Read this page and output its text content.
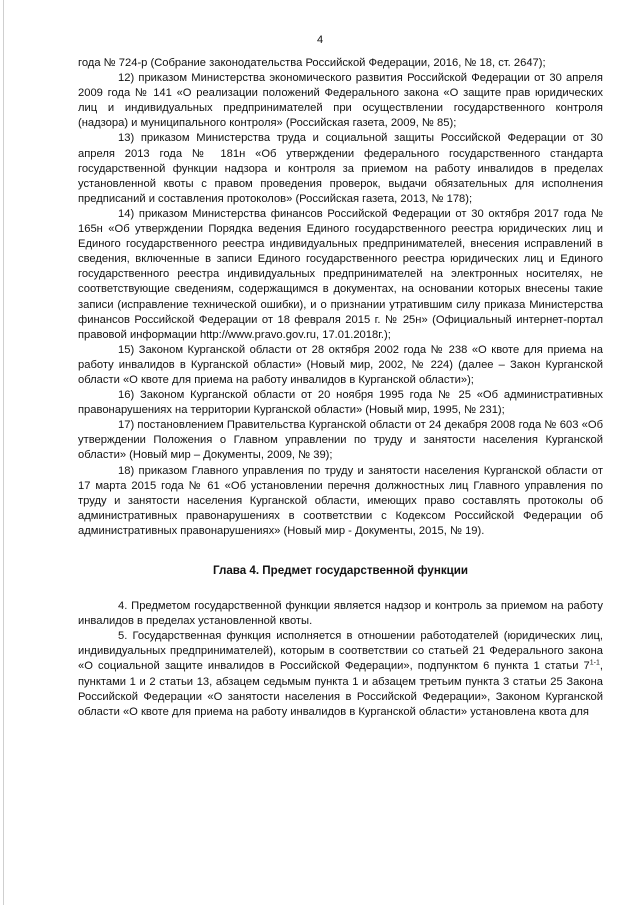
4

года № 724-р (Собрание законодательства Российской Федерации, 2016, № 18, ст. 2647);

12) приказом Министерства экономического развития Российской Федерации от 30 апреля 2009 года № 141 «О реализации положений Федерального закона «О защите прав юридических лиц и индивидуальных предпринимателей при осуществлении государственного контроля (надзора) и муниципального контроля» (Российская газета, 2009, № 85);

13) приказом Министерства труда и социальной защиты Российской Федерации от 30 апреля 2013 года № 181н «Об утверждении федерального государственного стандарта государственной функции надзора и контроля за приемом на работу инвалидов в пределах установленной квоты с правом проведения проверок, выдачи обязательных для исполнения предписаний и составления протоколов» (Российская газета, 2013, № 178);

14) приказом Министерства финансов Российской Федерации от 30 октября 2017 года № 165н «Об утверждении Порядка ведения Единого государственного реестра юридических лиц и Единого государственного реестра индивидуальных предпринимателей, внесения исправлений в сведения, включенные в записи Единого государственного реестра юридических лиц и Единого государственного реестра индивидуальных предпринимателей на электронных носителях, не соответствующие сведениям, содержащимся в документах, на основании которых внесены такие записи (исправление технической ошибки), и о признании утратившим силу приказа Министерства финансов Российской Федерации от 18 февраля 2015 г. № 25н» (Официальный интернет-портал правовой информации http://www.pravo.gov.ru, 17.01.2018г.);

15) Законом Курганской области от 28 октября 2002 года № 238 «О квоте для приема на работу инвалидов в Курганской области» (Новый мир, 2002, № 224) (далее – Закон Курганской области «О квоте для приема на работу инвалидов в Курганской области»);

16) Законом Курганской области от 20 ноября 1995 года № 25 «Об административных правонарушениях на территории Курганской области» (Новый мир, 1995, № 231);

17) постановлением Правительства Курганской области от 24 декабря 2008 года № 603 «Об утверждении Положения о Главном управлении по труду и занятости населения Курганской области» (Новый мир – Документы, 2009, № 39);

18) приказом Главного управления по труду и занятости населения Курганской области от 17 марта 2015 года № 61 «Об установлении перечня должностных лиц Главного управления по труду и занятости населения Курганской области, имеющих право составлять протоколы об административных правонарушениях в соответствии с Кодексом Российской Федерации об административных правонарушениях» (Новый мир - Документы, 2015, № 19).

Глава 4. Предмет государственной функции

4. Предметом государственной функции является надзор и контроль за приемом на работу инвалидов в пределах установленной квоты.

5. Государственная функция исполняется в отношении работодателей (юридических лиц, индивидуальных предпринимателей), которым в соответствии со статьей 21 Федерального закона «О социальной защите инвалидов в Российской Федерации», подпунктом 6 пункта 1 статьи 7$^{1-1}$, пунктами 1 и 2 статьи 13, абзацем седьмым пункта 1 и абзацем третьим пункта 3 статьи 25 Закона Российской Федерации «О занятости населения в Российской Федерации», Законом Курганской области «О квоте для приема на работу инвалидов в Курганской области» установлена квота для
